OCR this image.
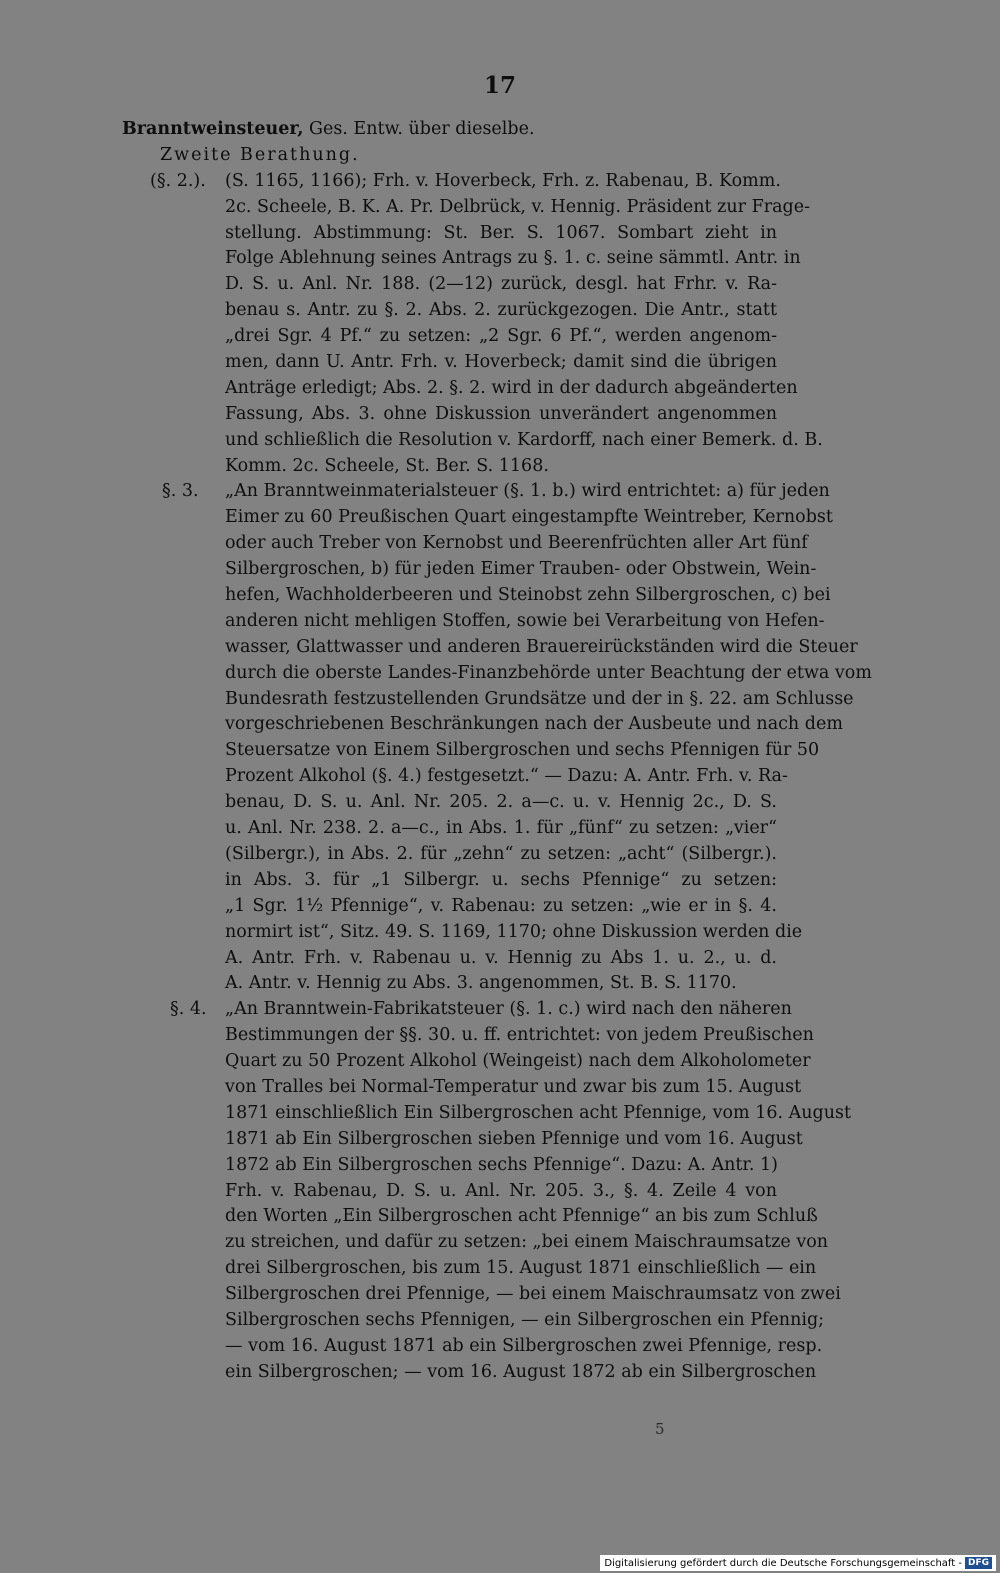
17
Branntweinsteuer, Ges. Entw. über dieselbe.
Zweite Berathung.
(§. 2.). (S. 1165, 1166); Frh. v. Hoverbeck, Frh. z. Rabenau, B. Komm.
2c. Scheele, B. K. A. Pr. Delbrück, v. Hennig. Präsident zur Frage-
stellung. Abstimmung: St. Ber. S. 1067. Sombart zieht in
Folge Ablehnung seines Antrags zu §. 1. c. seine sämmtl. Antr. in
D. S. u. Anl. Nr. 188. (2—12) zurück, desgl. hat Frhr. v. Ra-
benau s. Antr. zu §. 2. Abs. 2. zurückgezogen. Die Antr., statt
„drei Sgr. 4 Pf.“ zu setzen: „2 Sgr. 6 Pf.“, werden angenom-
men, dann U. Antr. Frh. v. Hoverbeck; damit sind die übrigen
Anträge erledigt; Abs. 2. §. 2. wird in der dadurch abgeänderten
Fassung, Abs. 3. ohne Diskussion unverändert angenommen
und schließlich die Resolution v. Kardorff, nach einer Bemerk. d. B.
Komm. 2c. Scheele, St. Ber. S. 1168.
§. 3. „An Branntweinmaterialsteuer (§. 1. b.) wird entrichtet: a) für jeden
Eimer zu 60 Preußischen Quart eingestampfte Weintreber, Kernobst
oder auch Treber von Kernobst und Beerenfrüchten aller Art fünf
Silbergroschen, b) für jeden Eimer Trauben- oder Obstwein, Wein-
hefen, Wachholderbeeren und Steinobst zehn Silbergroschen, c) bei
anderen nicht mehligen Stoffen, sowie bei Verarbeitung von Hefen-
wasser, Glattwasser und anderen Brauereirückständen wird die Steuer
durch die oberste Landes-Finanzbehörde unter Beachtung der etwa vom
Bundesrath festzustellenden Grundsätze und der in §. 22. am Schlusse
vorgeschriebenen Beschränkungen nach der Ausbeute und nach dem
Steuersatze von Einem Silbergroschen und sechs Pfennigen für 50
Prozent Alkohol (§. 4.) festgesetzt.“ — Dazu: A. Antr. Frh. v. Ra-
benau, D. S. u. Anl. Nr. 205. 2. a—c. u. v. Hennig 2c., D. S.
u. Anl. Nr. 238. 2. a—c., in Abs. 1. für „fünf“ zu setzen: „vier“
(Silbergr.), in Abs. 2. für „zehn“ zu setzen: „acht“ (Silbergr.).
in Abs. 3. für „1 Silbergr. u. sechs Pfennige“ zu setzen:
„1 Sgr. 1½ Pfennige“, v. Rabenau: zu setzen: „wie er in §. 4.
normirt ist“, Sitz. 49. S. 1169, 1170; ohne Diskussion werden die
A. Antr. Frh. v. Rabenau u. v. Hennig zu Abs 1. u. 2., u. d.
A. Antr. v. Hennig zu Abs. 3. angenommen, St. B. S. 1170.
§. 4. „An Branntwein-Fabrikatsteuer (§. 1. c.) wird nach den näheren
Bestimmungen der §§. 30. u. ff. entrichtet: von jedem Preußischen
Quart zu 50 Prozent Alkohol (Weingeist) nach dem Alkoholometer
von Tralles bei Normal-Temperatur und zwar bis zum 15. August
1871 einschließlich Ein Silbergroschen acht Pfennige, vom 16. August
1871 ab Ein Silbergroschen sieben Pfennige und vom 16. August
1872 ab Ein Silbergroschen sechs Pfennige“. Dazu: A. Antr. 1)
Frh. v. Rabenau, D. S. u. Anl. Nr. 205. 3., §. 4. Zeile 4 von
den Worten „Ein Silbergroschen acht Pfennige“ an bis zum Schluß
zu streichen, und dafür zu setzen: „bei einem Maischraumsatze von
drei Silbergroschen, bis zum 15. August 1871 einschließlich — ein
Silbergroschen drei Pfennige, — bei einem Maischraumsatz von zwei
Silbergroschen sechs Pfennigen, — ein Silbergroschen ein Pfennig;
— vom 16. August 1871 ab ein Silbergroschen zwei Pfennige, resp.
ein Silbergroschen; — vom 16. August 1872 ab ein Silbergroschen
5
Digitalisierung gefördert durch die Deutsche Forschungsgemeinschaft - DFG
